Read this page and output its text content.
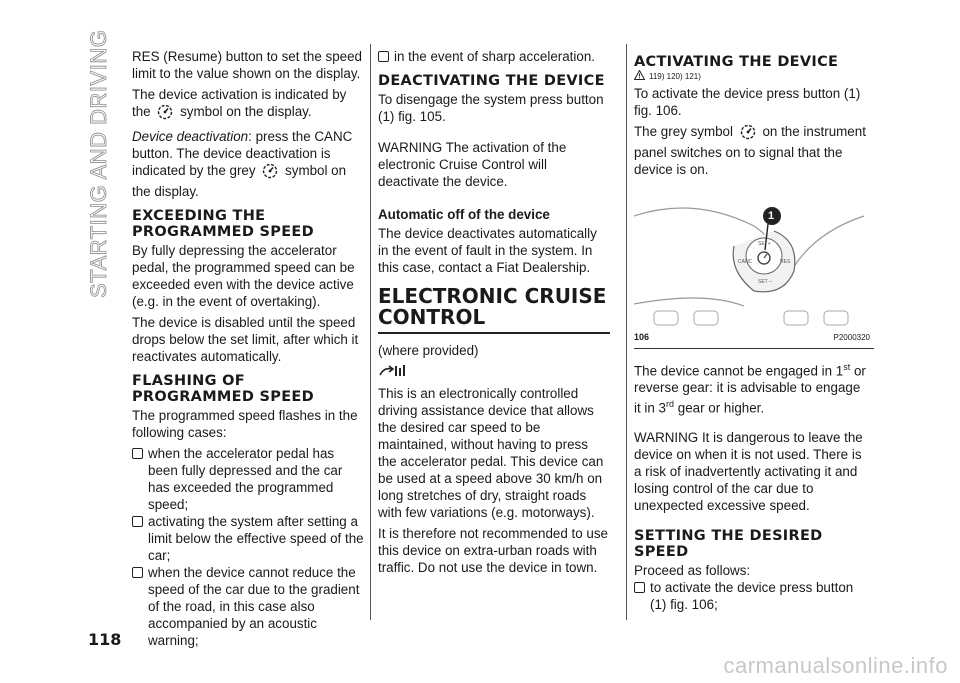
STARTING AND DRIVING
118

RES (Resume) button to set the speed limit to the value shown on the display.

The device activation is indicated by the symbol on the display.

Device deactivation: press the CANC button. The device deactivation is indicated by the grey symbol on the display.

EXCEEDING THE PROGRAMMED SPEED

By fully depressing the accelerator pedal, the programmed speed can be exceeded even with the device active (e.g. in the event of overtaking).

The device is disabled until the speed drops below the set limit, after which it reactivates automatically.

FLASHING OF PROGRAMMED SPEED

The programmed speed flashes in the following cases:

when the accelerator pedal has been fully depressed and the car has exceeded the programmed speed;

activating the system after setting a limit below the effective speed of the car;

when the device cannot reduce the speed of the car due to the gradient of the road, in this case also accompanied by an acoustic warning;

in the event of sharp acceleration.

DEACTIVATING THE DEVICE

To disengage the system press button (1) fig. 105.

WARNING The activation of the electronic Cruise Control will deactivate the device.

Automatic off of the device

The device deactivates automatically in the event of fault in the system. In this case, contact a Fiat Dealership.

ELECTRONIC CRUISE CONTROL

(where provided)

This is an electronically controlled driving assistance device that allows the desired car speed to be maintained, without having to press the accelerator pedal. This device can be used at a speed above 30 km/h on long stretches of dry, straight roads with few variations (e.g. motorways).

It is therefore not recommended to use this device on extra-urban roads with traffic. Do not use the device in town.

ACTIVATING THE DEVICE
119) 120) 121)

To activate the device press button (1) fig. 106.

The grey symbol on the instrument panel switches on to signal that the device is on.

1
SET+
CANC	RES
SET –
106	P2000320

The device cannot be engaged in 1st or reverse gear: it is advisable to engage it in 3rd gear or higher.

WARNING It is dangerous to leave the device on when it is not used. There is a risk of inadvertently activating it and losing control of the car due to unexpected excessive speed.

SETTING THE DESIRED SPEED

Proceed as follows:

to activate the device press button (1) fig. 106;

carmanualsonline.info
